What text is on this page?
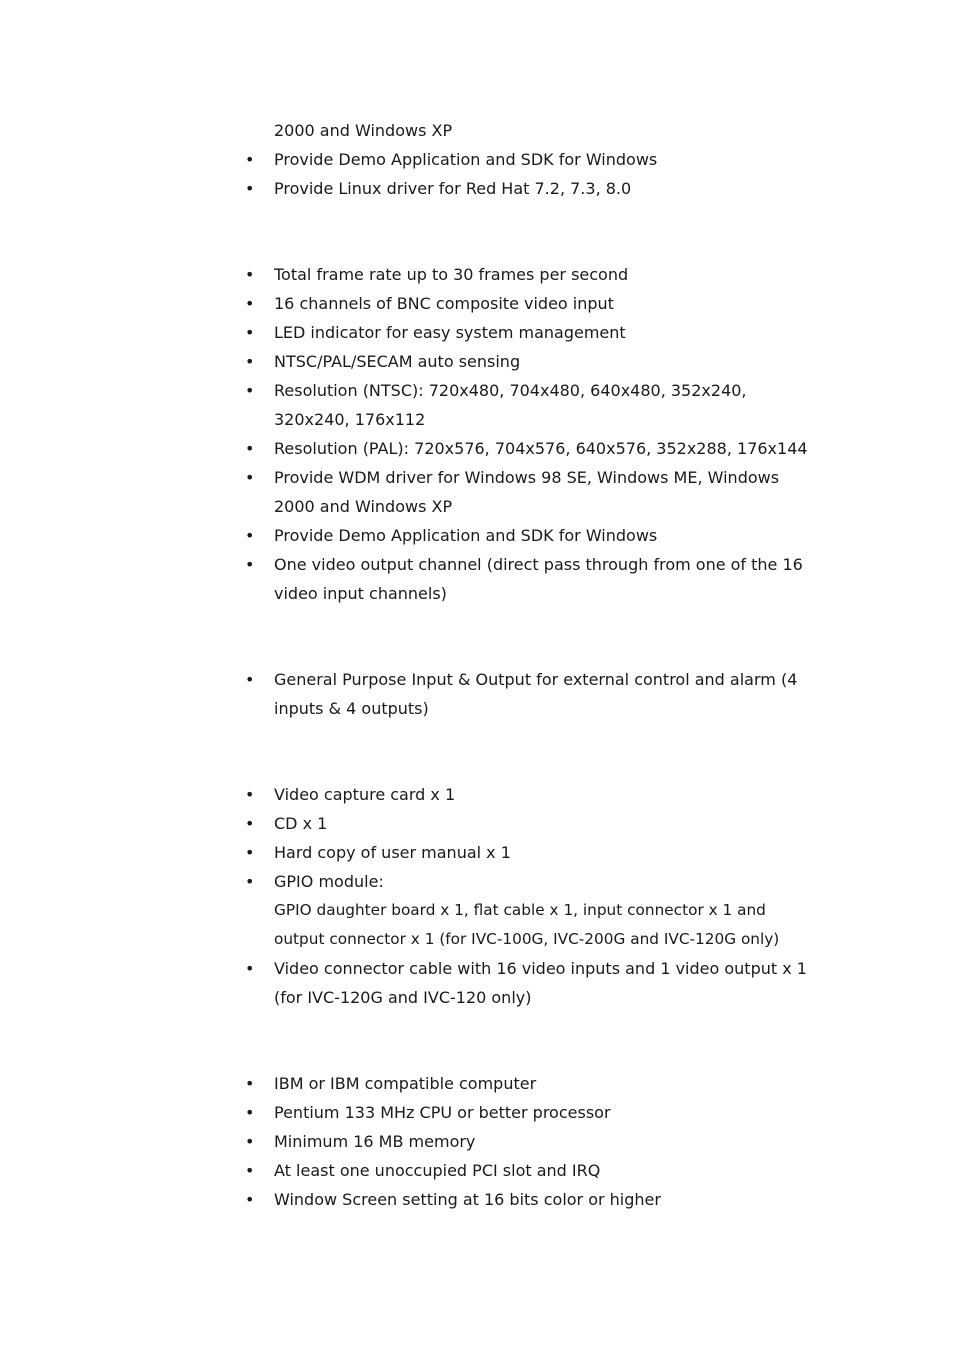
2000 and Windows XP
• Provide Demo Application and SDK for Windows
• Provide Linux driver for Red Hat 7.2, 7.3, 8.0
• Total frame rate up to 30 frames per second
• 16 channels of BNC composite video input
• LED indicator for easy system management
• NTSC/PAL/SECAM auto sensing
• Resolution (NTSC): 720x480, 704x480, 640x480, 352x240,
320x240, 176x112
• Resolution (PAL): 720x576, 704x576, 640x576, 352x288, 176x144
• Provide WDM driver for Windows 98 SE, Windows ME, Windows
2000 and Windows XP
• Provide Demo Application and SDK for Windows
• One video output channel (direct pass through from one of the 16
video input channels)
• General Purpose Input & Output for external control and alarm (4
inputs & 4 outputs)
• Video capture card x 1
• CD x 1
• Hard copy of user manual x 1
• GPIO module:
GPIO daughter board x 1, flat cable x 1, input connector x 1 and
output connector x 1 (for IVC-100G, IVC-200G and IVC-120G only)
• Video connector cable with 16 video inputs and 1 video output x 1
(for IVC-120G and IVC-120 only)
• IBM or IBM compatible computer
• Pentium 133 MHz CPU or better processor
• Minimum 16 MB memory
• At least one unoccupied PCI slot and IRQ
• Window Screen setting at 16 bits color or higher
